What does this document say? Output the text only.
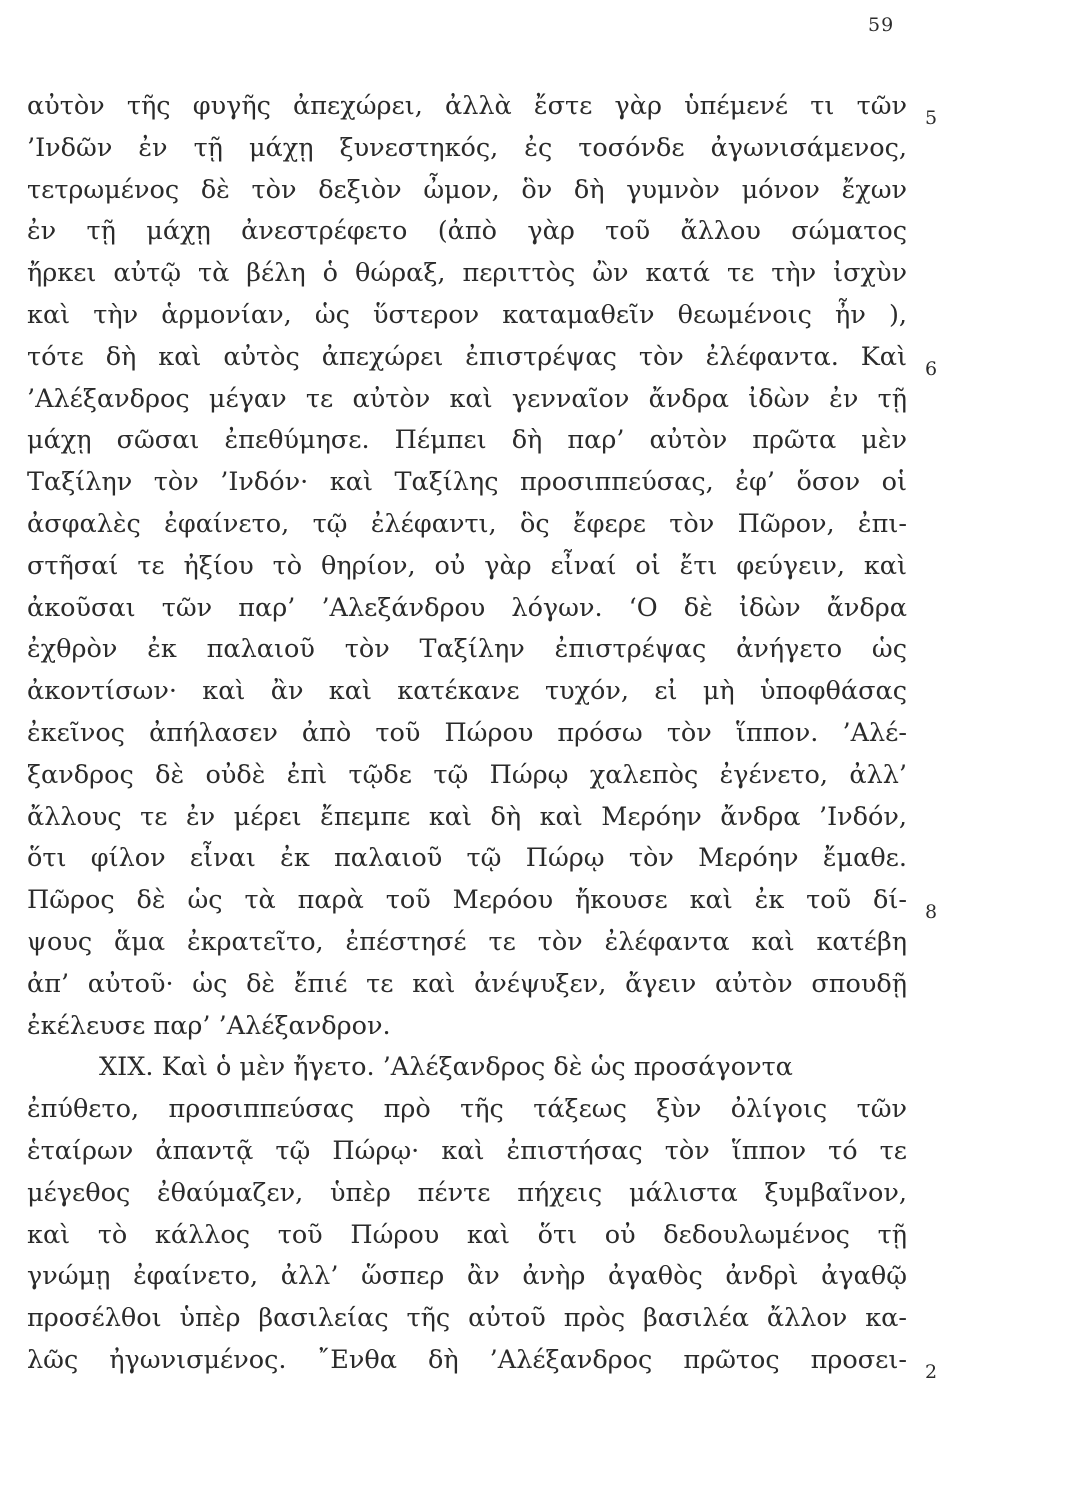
59
αὐτὸν τῆς φυγῆς ἀπεχώρει, ἀλλὰ ἔστε γὰρ ὑπέμενέ τι τῶν 5
’Ινδῶν ἐν τῇ μάχῃ ξυνεστηκός, ἐς τοσόνδε ἀγωνισάμενος,
τετρωμένος δὲ τὸν δεξιὸν ὦμον, ὃν δὴ γυμνὸν μόνον ἔχων
ἐν τῇ μάχῃ ἀνεστρέφετο (ἀπὸ γὰρ τοῦ ἄλλου σώματος
ἤρκει αὐτῷ τὰ βέλη ὁ θώραξ, περιττὸς ὢν κατά τε τὴν ἰσχὺν
καὶ τὴν ἁρμονίαν, ὡς ὕστερον καταμαθεῖν θεωμένοις ἦν ),
τότε δὴ καὶ αὐτὸς ἀπεχώρει ἐπιστρέψας τὸν ἐλέφαντα. Καὶ 6
’Αλέξανδρος μέγαν τε αὐτὸν καὶ γενναῖον ἄνδρα ἰδὼν ἐν τῇ
μάχῃ σῶσαι ἐπεθύμησε. Πέμπει δὴ παρ’ αὐτὸν πρῶτα μὲν
Ταξίλην τὸν ’Ινδόν· καὶ Ταξίλης προσιππεύσας, ἐφ’ ὅσον οἱ
ἀσφαλὲς ἐφαίνετο, τῷ ἐλέφαντι, ὃς ἔφερε τὸν Πῶρον, ἐπι-
στῆσαί τε ἠξίου τὸ θηρίον, οὐ γὰρ εἶναί οἱ ἔτι φεύγειν, καὶ
ἀκοῦσαι τῶν παρ’ ’Αλεξάνδρου λόγων. ‘Ο δὲ ἰδὼν ἄνδρα
ἐχθρὸν ἐκ παλαιοῦ τὸν Ταξίλην ἐπιστρέψας ἀνήγετο ὡς
ἀκοντίσων· καὶ ἂν καὶ κατέκανε τυχόν, εἰ μὴ ὑποφθάσας
ἐκεῖνος ἀπήλασεν ἀπὸ τοῦ Πώρου πρόσω τὸν ἵππον. ’Αλέ-
ξανδρος δὲ οὐδὲ ἐπὶ τῷδε τῷ Πώρῳ χαλεπὸς ἐγένετο, ἀλλ’
ἄλλους τε ἐν μέρει ἔπεμπε καὶ δὴ καὶ Μερόην ἄνδρα ’Ινδόν,
ὅτι φίλον εἶναι ἐκ παλαιοῦ τῷ Πώρῳ τὸν Μερόην ἔμαθε.
Πῶρος δὲ ὡς τὰ παρὰ τοῦ Μερόου ἤκουσε καὶ ἐκ τοῦ δί- 8
ψους ἅμα ἐκρατεῖτο, ἐπέστησέ τε τὸν ἐλέφαντα καὶ κατέβη
ἀπ’ αὐτοῦ· ὡς δὲ ἔπιέ τε καὶ ἀνέψυξεν, ἄγειν αὐτὸν σπουδῇ
ἐκέλευσε παρ’ ’Αλέξανδρον.
XIX. Καὶ ὁ μὲν ἤγετο. ’Αλέξανδρος δὲ ὡς προσάγοντα
ἐπύθετο, προσιππεύσας πρὸ τῆς τάξεως ξὺν ὀλίγοις τῶν
ἑταίρων ἀπαντᾷ τῷ Πώρῳ· καὶ ἐπιστήσας τὸν ἵππον τό τε
μέγεθος ἐθαύμαζεν, ὑπὲρ πέντε πήχεις μάλιστα ξυμβαῖνον,
καὶ τὸ κάλλος τοῦ Πώρου καὶ ὅτι οὐ δεδουλωμένος τῇ
γνώμῃ ἐφαίνετο, ἀλλ’ ὥσπερ ἂν ἀνὴρ ἀγαθὸς ἀνδρὶ ἀγαθῷ
προσέλθοι ὑπὲρ βασιλείας τῆς αὐτοῦ πρὸς βασιλέα ἄλλον κα-
λῶς ἠγωνισμένος. ῎Ενθα δὴ ’Αλέξανδρος πρῶτος προσει- 2
